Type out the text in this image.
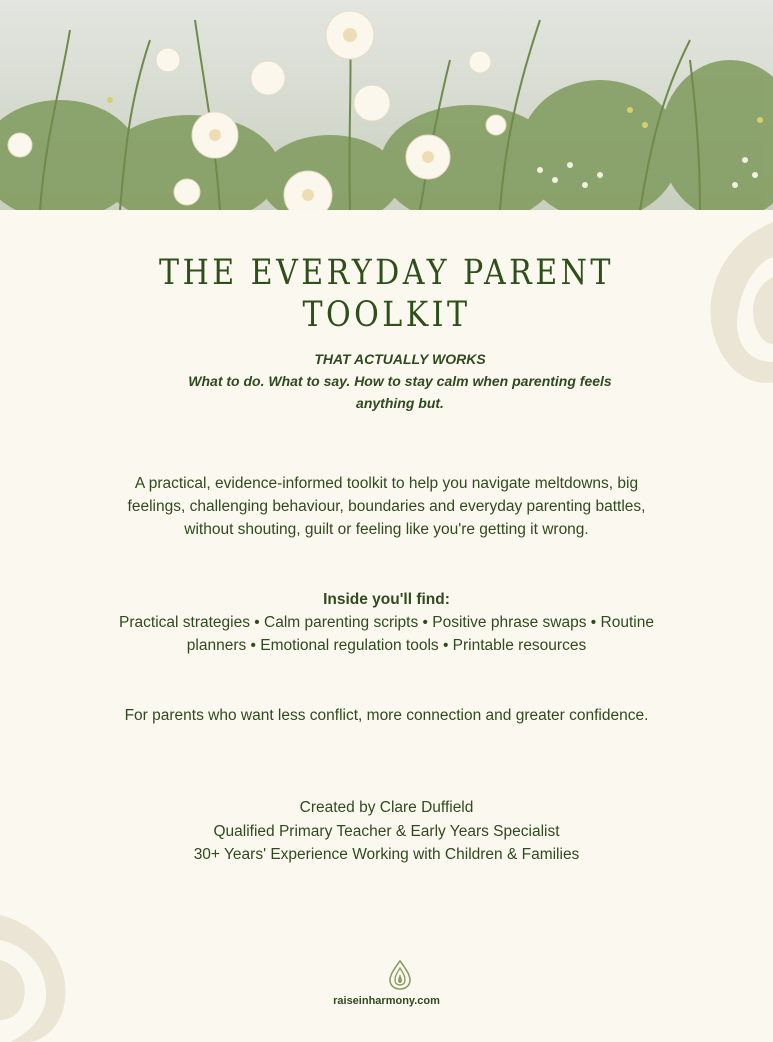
THE EVERYDAY PARENT
TOOLKIT
THAT ACTUALLY WORKS
What to do. What to say. How to stay calm when parenting feels
anything but.

A practical, evidence-informed toolkit to help you navigate meltdowns, big
feelings, challenging behaviour, boundaries and everyday parenting battles,
without shouting, guilt or feeling like you're getting it wrong.

Inside you'll find:

Practical strategies • Calm parenting scripts • Positive phrase swaps • Routine
planners • Emotional regulation tools • Printable resources

For parents who want less conflict, more connection and greater confidence.

Created by Clare Duffield
Qualified Primary Teacher & Early Years Specialist
30+ Years' Experience Working with Children & Families

raiseinharmony.com
